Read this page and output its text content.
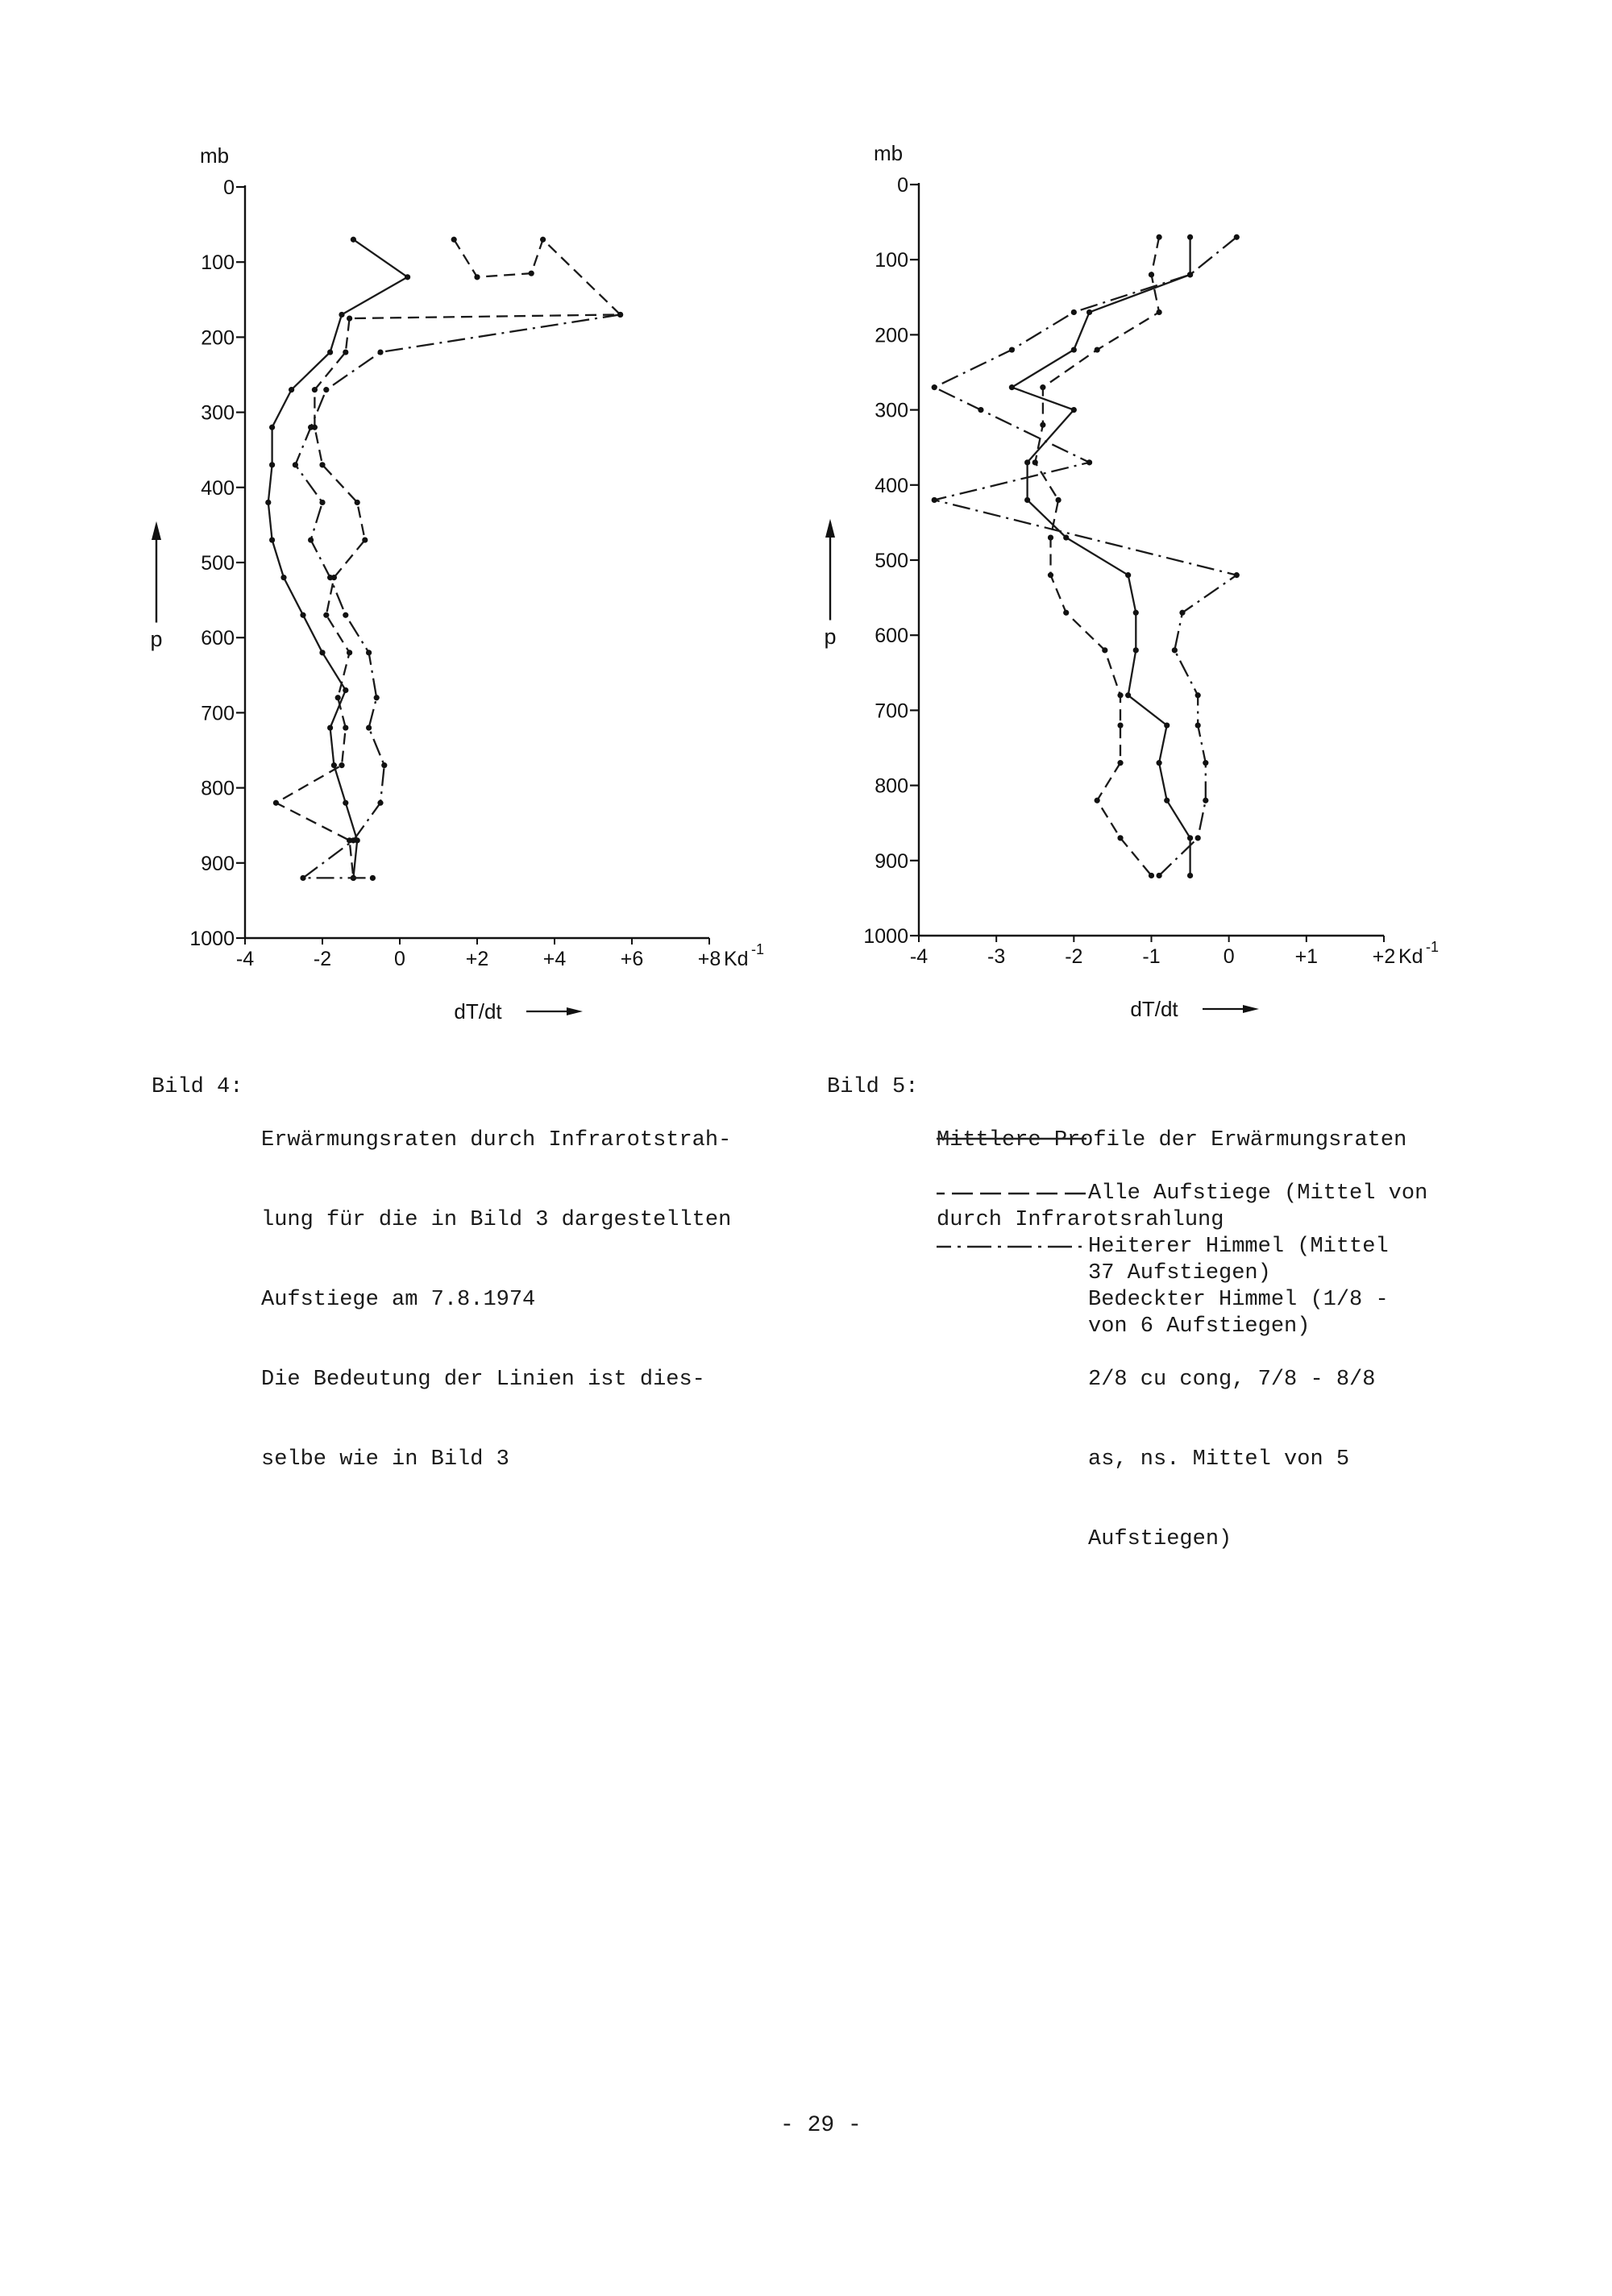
0
100
200
300
400
500
600
700
800
900
1000
-4	-2	0	+2	+4	+6	+8
mb
Kd -1
p
dT/dt
0
100
200
300
400
500
600
700
800
900
1000
-4	-3	-2	-1	0	+1	+2
mb
Kd -1
p
dT/dt

Bild 4:

Erwärmungsraten durch Infrarotstrah-

lung für die in Bild 3 dargestellten

Aufstiege am 7.8.1974

Die Bedeutung der Linien ist dies-

selbe wie in Bild 3

Bild 5:

Mittlere Profile der Erwärmungsraten

durch Infrarotsrahlung

Alle Aufstiege (Mittel von

37 Aufstiegen)

Heiterer Himmel (Mittel

von 6 Aufstiegen)

Bedeckter Himmel (1/8 -

2/8 cu cong, 7/8 - 8/8

as, ns. Mittel von 5

Aufstiegen)

- 29 -
